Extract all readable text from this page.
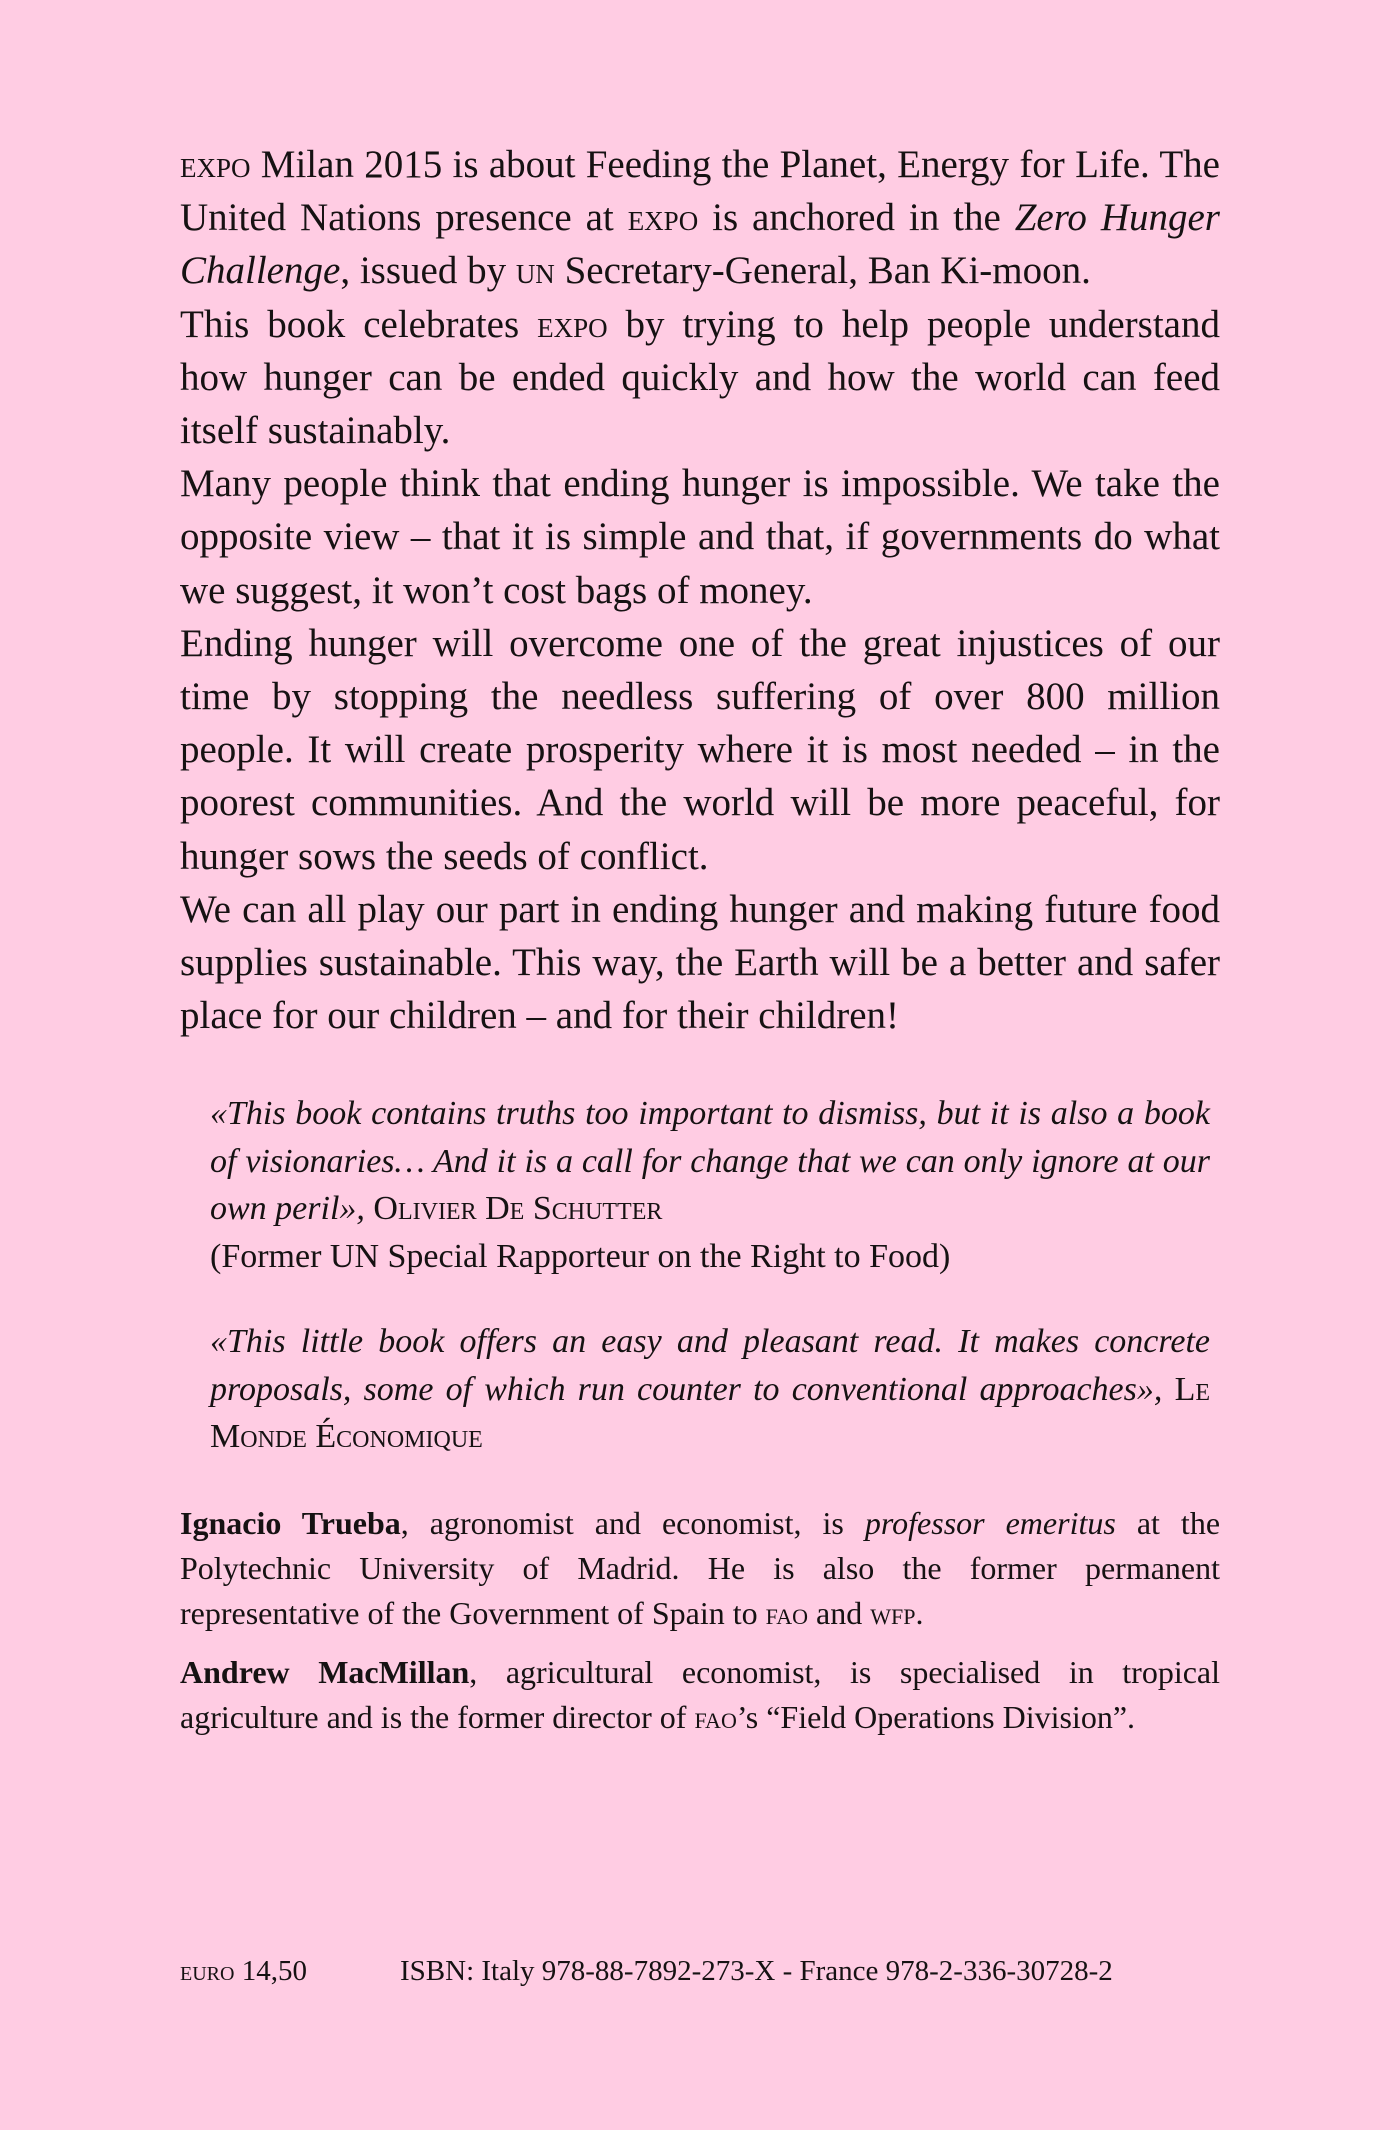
expo Milan 2015 is about Feeding the Planet, Energy for Life. The United Nations presence at expo is anchored in the Zero Hunger Challenge, issued by un Secretary-General, Ban Ki-moon.

This book celebrates expo by trying to help people understand how hunger can be ended quickly and how the world can feed itself sustainably.

Many people think that ending hunger is impossible. We take the opposite view – that it is simple and that, if governments do what we suggest, it won’t cost bags of money.

Ending hunger will overcome one of the great injustices of our time by stopping the needless suffering of over 800 million people. It will create prosperity where it is most needed – in the poorest communities. And the world will be more peaceful, for hunger sows the seeds of conflict.

We can all play our part in ending hunger and making future food supplies sustainable. This way, the Earth will be a better and safer place for our children – and for their children!

«This book contains truths too important to dismiss, but it is also a book of visionaries… And it is a call for change that we can only ignore at our own peril», Olivier De Schutter
(Former UN Special Rapporteur on the Right to Food)

«This little book offers an easy and pleasant read. It makes concrete proposals, some of which run counter to conventional approaches», Le Monde Économique

Ignacio Trueba, agronomist and economist, is professor emeritus at the Polytechnic University of Madrid. He is also the former permanent representative of the Government of Spain to fao and wfp.

Andrew MacMillan, agricultural economist, is specialised in tropical agriculture and is the former director of fao’s “Field Operations Division”.

euro 14,50	ISBN: Italy 978-88-7892-273-X - France 978-2-336-30728-2
